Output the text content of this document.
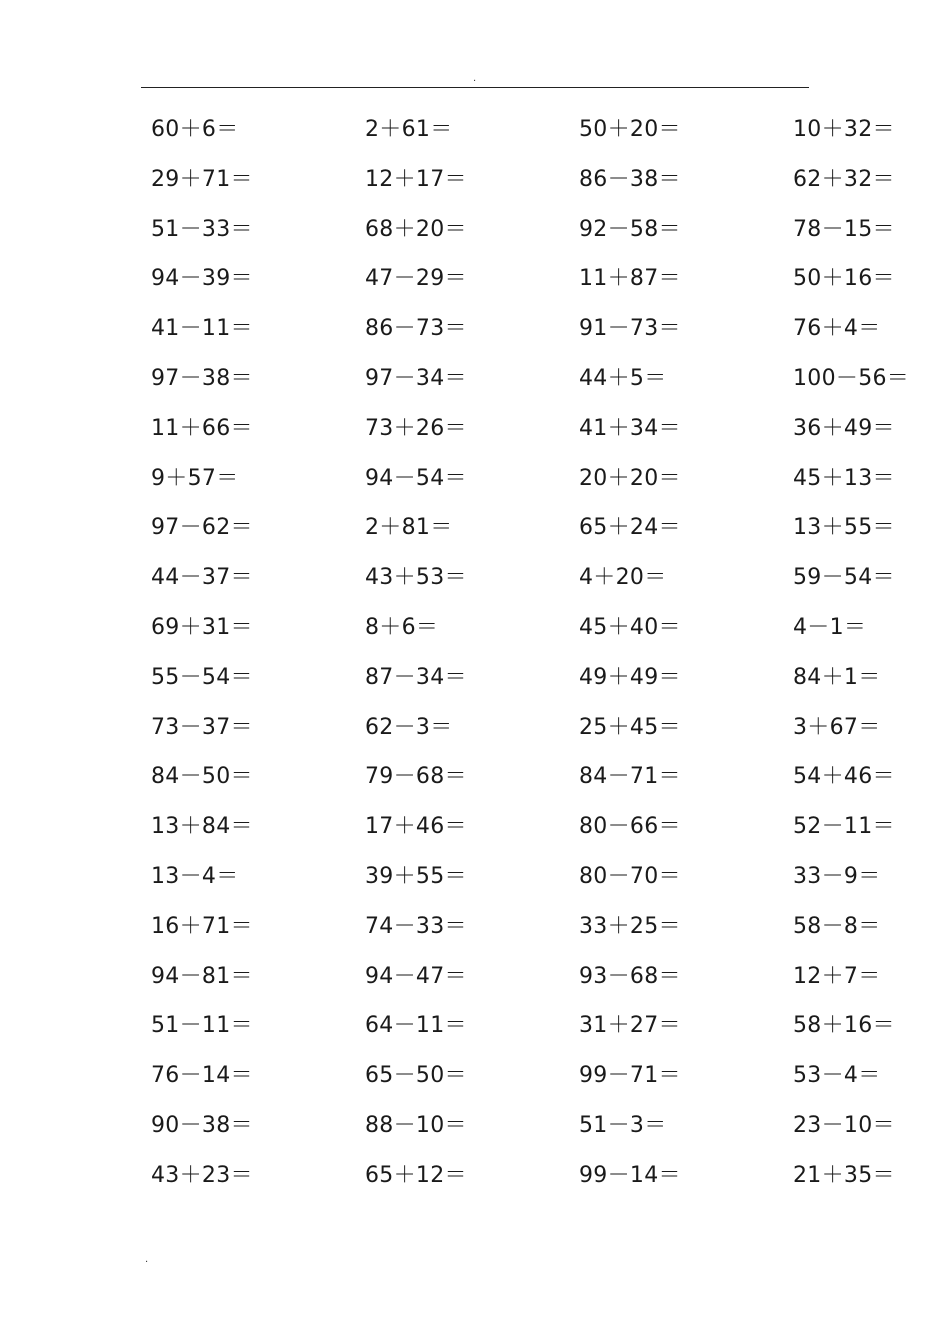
.
60＋6＝	2＋61＝	50＋20＝	10＋32＝
29＋71＝	12＋17＝	86－38＝	62＋32＝
51－33＝	68＋20＝	92－58＝	78－15＝
94－39＝	47－29＝	11＋87＝	50＋16＝
41－11＝	86－73＝	91－73＝	76＋4＝
97－38＝	97－34＝	44＋5＝	100－56＝
11＋66＝	73＋26＝	41＋34＝	36＋49＝
9＋57＝	94－54＝	20＋20＝	45＋13＝
97－62＝	2＋81＝	65＋24＝	13＋55＝
44－37＝	43＋53＝	4＋20＝	59－54＝
69＋31＝	8＋6＝	45＋40＝	4－1＝
55－54＝	87－34＝	49＋49＝	84＋1＝
73－37＝	62－3＝	25＋45＝	3＋67＝
84－50＝	79－68＝	84－71＝	54＋46＝
13＋84＝	17＋46＝	80－66＝	52－11＝
13－4＝	39＋55＝	80－70＝	33－9＝
16＋71＝	74－33＝	33＋25＝	58－8＝
94－81＝	94－47＝	93－68＝	12＋7＝
51－11＝	64－11＝	31＋27＝	58＋16＝
76－14＝	65－50＝	99－71＝	53－4＝
90－38＝	88－10＝	51－3＝	23－10＝
43＋23＝	65＋12＝	99－14＝	21＋35＝
.
